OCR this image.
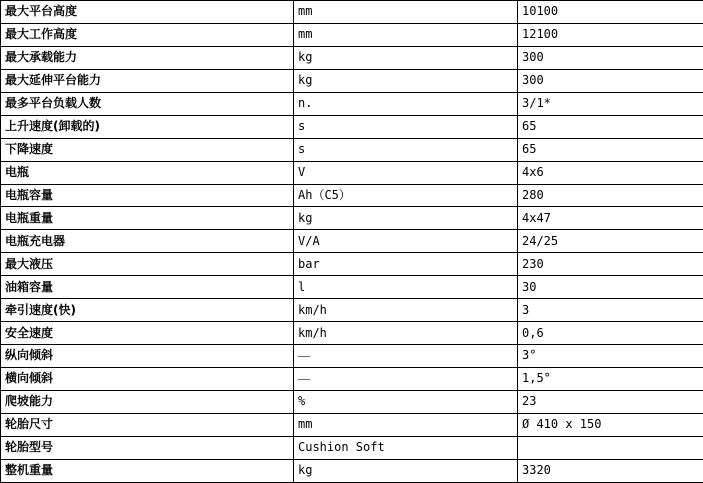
最大平台高度	mm	10100
最大工作高度	mm	12100
最大承载能力	kg	300
最大延伸平台能力	kg	300
最多平台负载人数	n.	3/1*
上升速度(卸载的)	s	65
下降速度	s	65
电瓶	V	4x6
电瓶容量	Ah（C5）	280
电瓶重量	kg	4x47
电瓶充电器	V/A	24/25
最大液压	bar	230
油箱容量	l	30
牵引速度(快)	km/h	3
安全速度	km/h	0,6
纵向倾斜	—	3°
横向倾斜	—	1,5°
爬坡能力	%	23
轮胎尺寸	mm	Ø 410 x 150
轮胎型号	Cushion Soft	
整机重量	kg	3320
